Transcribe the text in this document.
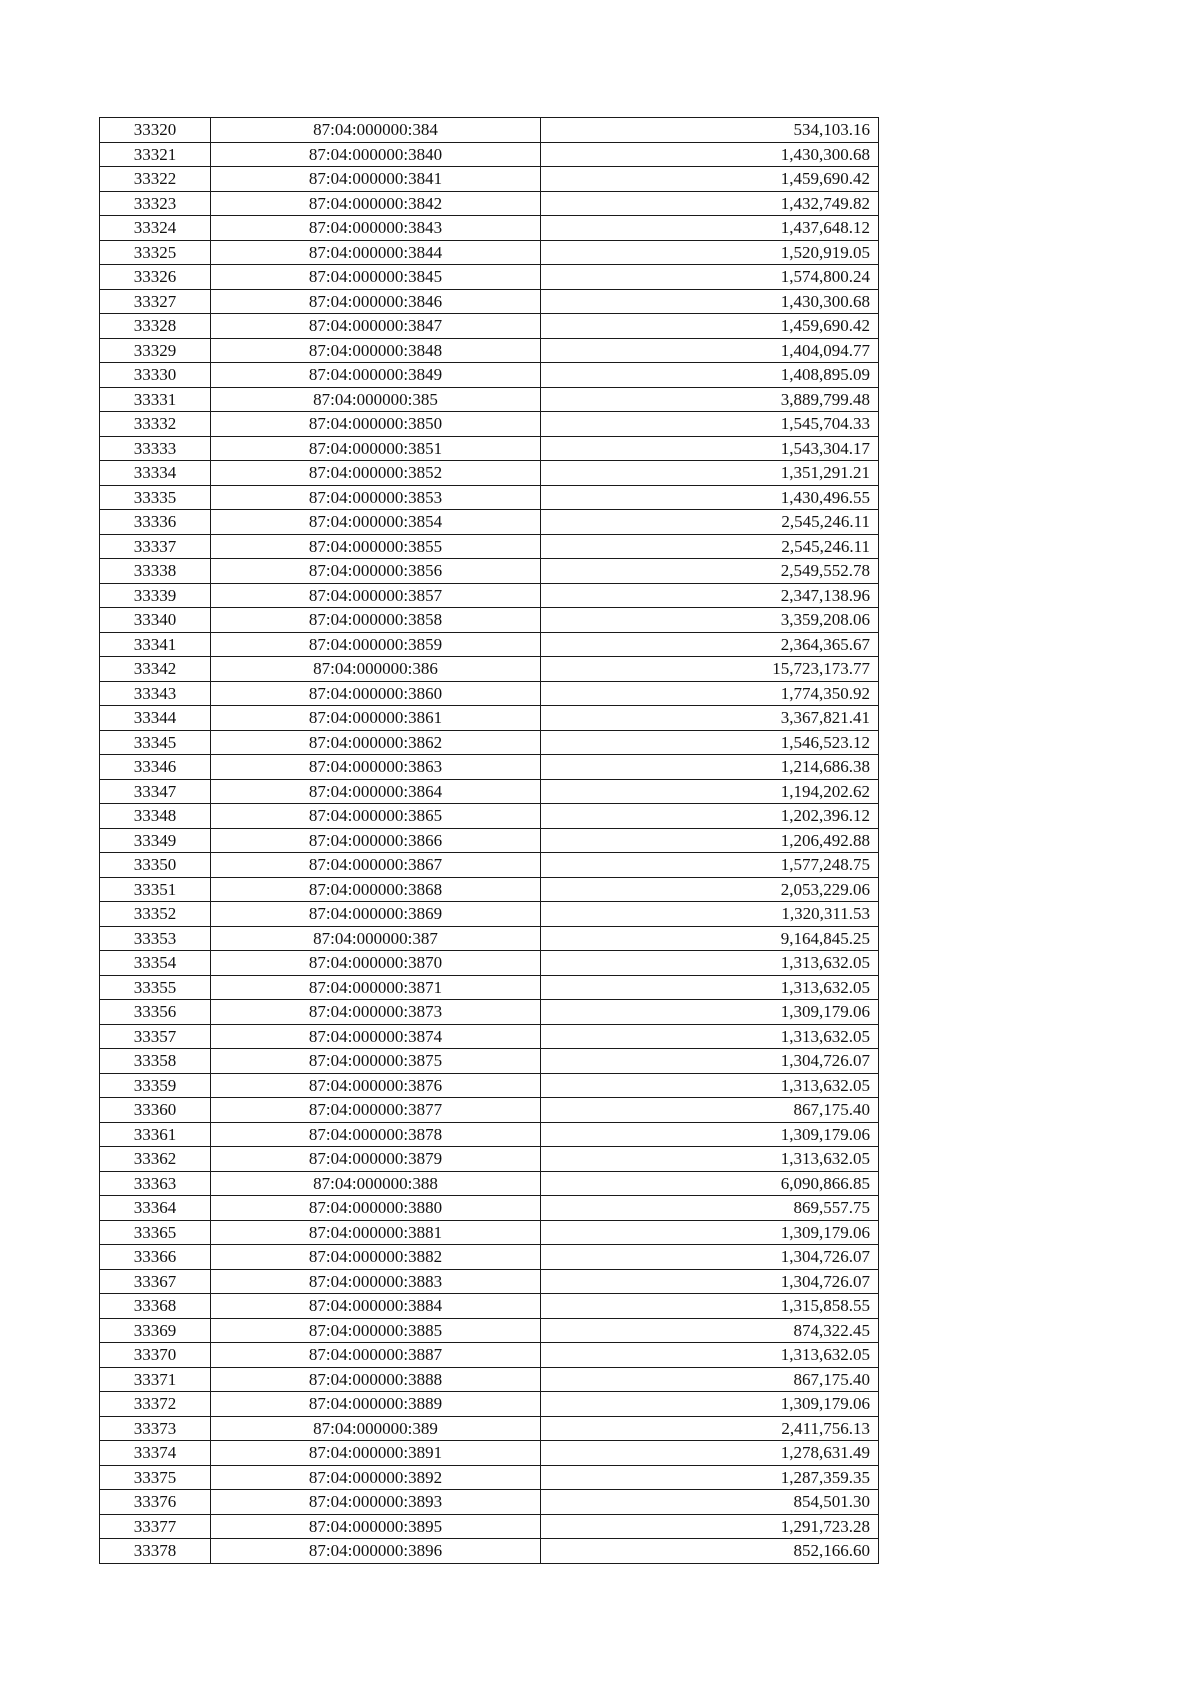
33320	87:04:000000:384	534,103.16
33321	87:04:000000:3840	1,430,300.68
33322	87:04:000000:3841	1,459,690.42
33323	87:04:000000:3842	1,432,749.82
33324	87:04:000000:3843	1,437,648.12
33325	87:04:000000:3844	1,520,919.05
33326	87:04:000000:3845	1,574,800.24
33327	87:04:000000:3846	1,430,300.68
33328	87:04:000000:3847	1,459,690.42
33329	87:04:000000:3848	1,404,094.77
33330	87:04:000000:3849	1,408,895.09
33331	87:04:000000:385	3,889,799.48
33332	87:04:000000:3850	1,545,704.33
33333	87:04:000000:3851	1,543,304.17
33334	87:04:000000:3852	1,351,291.21
33335	87:04:000000:3853	1,430,496.55
33336	87:04:000000:3854	2,545,246.11
33337	87:04:000000:3855	2,545,246.11
33338	87:04:000000:3856	2,549,552.78
33339	87:04:000000:3857	2,347,138.96
33340	87:04:000000:3858	3,359,208.06
33341	87:04:000000:3859	2,364,365.67
33342	87:04:000000:386	15,723,173.77
33343	87:04:000000:3860	1,774,350.92
33344	87:04:000000:3861	3,367,821.41
33345	87:04:000000:3862	1,546,523.12
33346	87:04:000000:3863	1,214,686.38
33347	87:04:000000:3864	1,194,202.62
33348	87:04:000000:3865	1,202,396.12
33349	87:04:000000:3866	1,206,492.88
33350	87:04:000000:3867	1,577,248.75
33351	87:04:000000:3868	2,053,229.06
33352	87:04:000000:3869	1,320,311.53
33353	87:04:000000:387	9,164,845.25
33354	87:04:000000:3870	1,313,632.05
33355	87:04:000000:3871	1,313,632.05
33356	87:04:000000:3873	1,309,179.06
33357	87:04:000000:3874	1,313,632.05
33358	87:04:000000:3875	1,304,726.07
33359	87:04:000000:3876	1,313,632.05
33360	87:04:000000:3877	867,175.40
33361	87:04:000000:3878	1,309,179.06
33362	87:04:000000:3879	1,313,632.05
33363	87:04:000000:388	6,090,866.85
33364	87:04:000000:3880	869,557.75
33365	87:04:000000:3881	1,309,179.06
33366	87:04:000000:3882	1,304,726.07
33367	87:04:000000:3883	1,304,726.07
33368	87:04:000000:3884	1,315,858.55
33369	87:04:000000:3885	874,322.45
33370	87:04:000000:3887	1,313,632.05
33371	87:04:000000:3888	867,175.40
33372	87:04:000000:3889	1,309,179.06
33373	87:04:000000:389	2,411,756.13
33374	87:04:000000:3891	1,278,631.49
33375	87:04:000000:3892	1,287,359.35
33376	87:04:000000:3893	854,501.30
33377	87:04:000000:3895	1,291,723.28
33378	87:04:000000:3896	852,166.60
